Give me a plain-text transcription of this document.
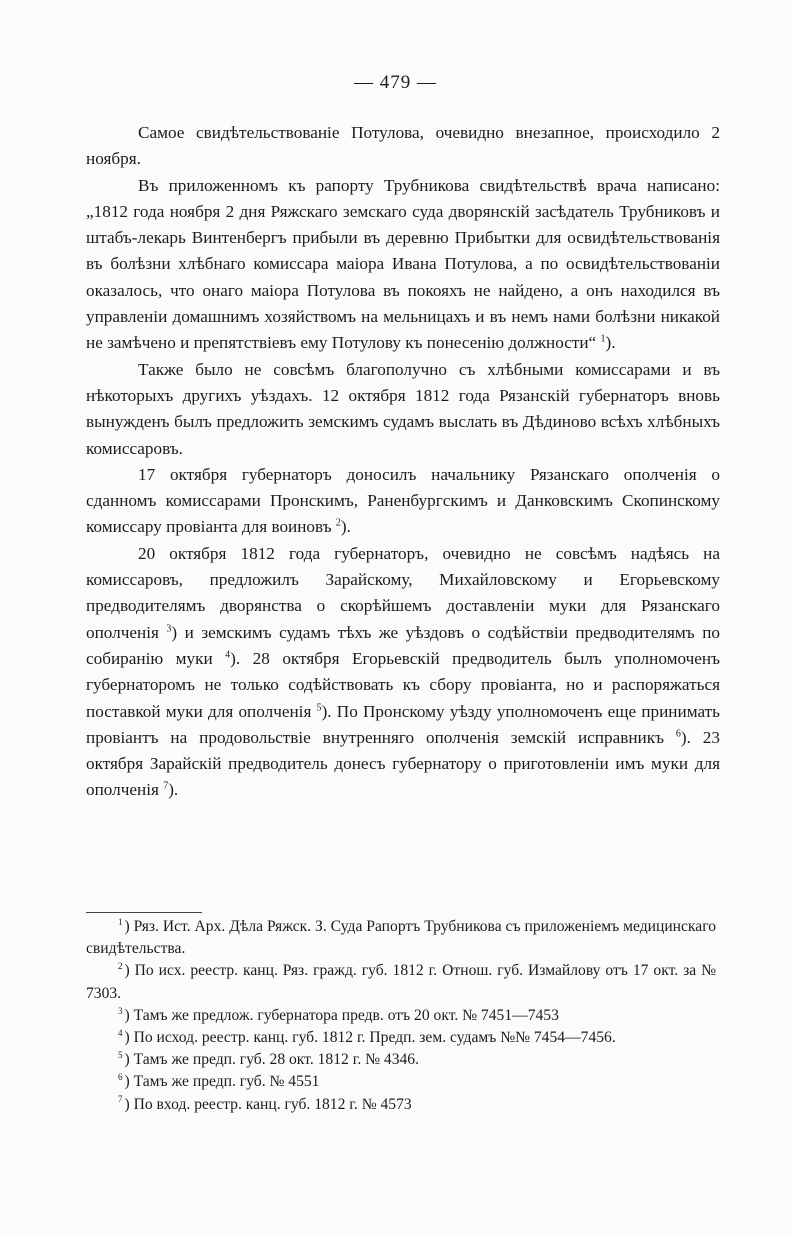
— 479 —

Самое свидѣтельствованіе Потулова, очевидно внезапное, происходило 2 ноября.

Въ приложенномъ къ рапорту Трубникова свидѣтельствѣ врача написано: „1812 года ноября 2 дня Ряжскаго земскаго суда дворянскій засѣдатель Трубниковъ и штабъ-лекарь Винтенбергъ прибыли въ деревню Прибытки для освидѣтельствованія въ болѣзни хлѣбнаго комиссара маіора Ивана Потулова, а по освидѣтельствованіи оказалось, что онаго маіора Потулова въ покояхъ не найдено, а онъ находился въ управленіи домашнимъ хозяйствомъ на мельницахъ и въ немъ нами болѣзни никакой не замѣчено и препятствіевъ ему Потулову къ понесенію должности“ $^1$).

Также было не совсѣмъ благополучно съ хлѣбными комиссарами и въ нѣкоторыхъ другихъ уѣздахъ. 12 октября 1812 года Рязанскій губернаторъ вновь вынужденъ былъ предложить земскимъ судамъ выслать въ Дѣдиново всѣхъ хлѣбныхъ комиссаровъ.

17 октября губернаторъ доносилъ начальнику Рязанскаго ополченія о сданномъ комиссарами Пронскимъ, Раненбургскимъ и Данковскимъ Скопинскому комиссару провіанта для воиновъ $^2$).

20 октября 1812 года губернаторъ, очевидно не совсѣмъ надѣясь на комиссаровъ, предложилъ Зарайскому, Михайловскому и Егорьевскому предводителямъ дворянства о скорѣйшемъ доставленіи муки для Рязанскаго ополченія $^3$) и земскимъ судамъ тѣхъ же уѣздовъ о содѣйствіи предводителямъ по собиранію муки $^4$). 28 октября Егорьевскій предводитель былъ уполномоченъ губернаторомъ не только содѣйствовать къ сбору провіанта, но и распоряжаться поставкой муки для ополченія $^5$). По Пронскому уѣзду уполномоченъ еще принимать провіантъ на продовольствіе внутренняго ополченія земскій исправникъ $^6$). 23 октября Зарайскій предводитель донесъ губернатору о приготовленіи имъ муки для ополченія $^7$).

$^1$ ) Ряз. Ист. Арх. Дѣла Ряжск. З. Суда Рапортъ Трубникова съ приложеніемъ медицинскаго свидѣтельства.

$^2$ ) По исх. реестр. канц. Ряз. гражд. губ. 1812 г. Отнош. губ. Измайлову отъ 17 окт. за № 7303.

$^3$ ) Тамъ же предлож. губернатора предв. отъ 20 окт. № 7451—7453

$^4$ ) По исход. реестр. канц. губ. 1812 г. Предп. зем. судамъ №№ 7454—7456.

$^5$ ) Тамъ же предп. губ. 28 окт. 1812 г. № 4346.

$^6$ ) Тамъ же предп. губ. № 4551

$^7$ ) По вход. реестр. канц. губ. 1812 г. № 4573
